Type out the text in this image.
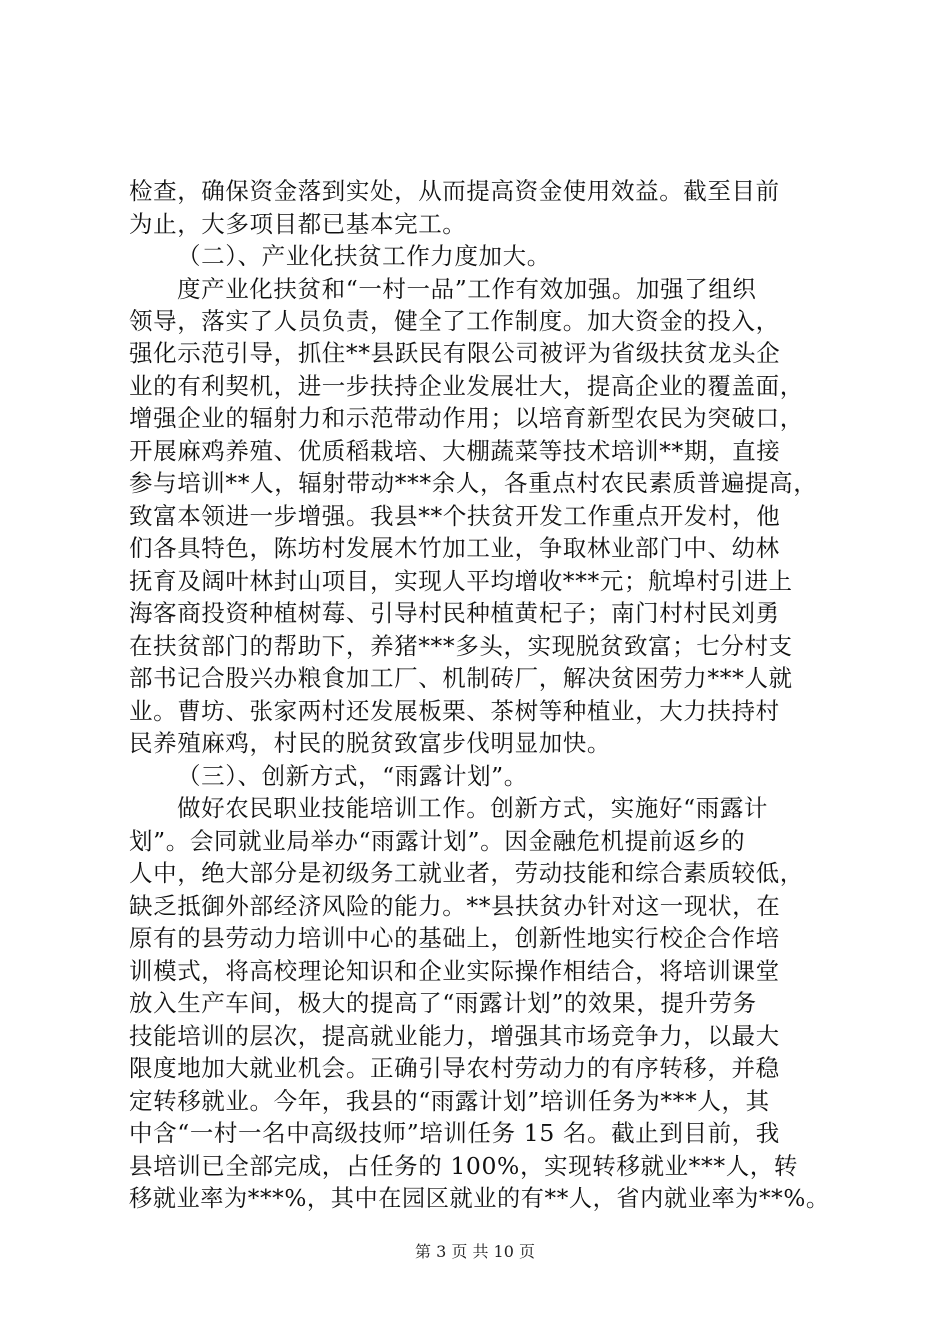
检查，确保资金落到实处，从而提高资金使用效益。截至目前
为止，大多项目都已基本完工。
（二）、产业化扶贫工作力度加大。
度产业化扶贫和“一村一品”工作有效加强。加强了组织
领导，落实了人员负责，健全了工作制度。加大资金的投入，
强化示范引导，抓住**县跃民有限公司被评为省级扶贫龙头企
业的有利契机，进一步扶持企业发展壮大，提高企业的覆盖面，
增强企业的辐射力和示范带动作用；以培育新型农民为突破口，
开展麻鸡养殖、优质稻栽培、大棚蔬菜等技术培训**期，直接
参与培训**人，辐射带动***余人，各重点村农民素质普遍提高，
致富本领进一步增强。我县**个扶贫开发工作重点开发村，他
们各具特色，陈坊村发展木竹加工业，争取林业部门中、幼林
抚育及阔叶林封山项目，实现人平均增收***元；航埠村引进上
海客商投资种植树莓、引导村民种植黄杞子；南门村村民刘勇
在扶贫部门的帮助下，养猪***多头，实现脱贫致富；七分村支
部书记合股兴办粮食加工厂、机制砖厂，解决贫困劳力***人就
业。曹坊、张家两村还发展板栗、茶树等种植业，大力扶持村
民养殖麻鸡，村民的脱贫致富步伐明显加快。
（三）、创新方式，“雨露计划”。
做好农民职业技能培训工作。创新方式，实施好“雨露计
划”。会同就业局举办“雨露计划”。因金融危机提前返乡的
人中，绝大部分是初级务工就业者，劳动技能和综合素质较低，
缺乏抵御外部经济风险的能力。**县扶贫办针对这一现状，在
原有的县劳动力培训中心的基础上，创新性地实行校企合作培
训模式，将高校理论知识和企业实际操作相结合，将培训课堂
放入生产车间，极大的提高了“雨露计划”的效果，提升劳务
技能培训的层次，提高就业能力，增强其市场竞争力，以最大
限度地加大就业机会。正确引导农村劳动力的有序转移，并稳
定转移就业。今年，我县的“雨露计划”培训任务为***人，其
中含“一村一名中高级技师”培训任务 15 名。截止到目前，我
县培训已全部完成，占任务的 100%，实现转移就业***人，转
移就业率为***%，其中在园区就业的有**人，省内就业率为**%。
第 3 页 共 10 页
